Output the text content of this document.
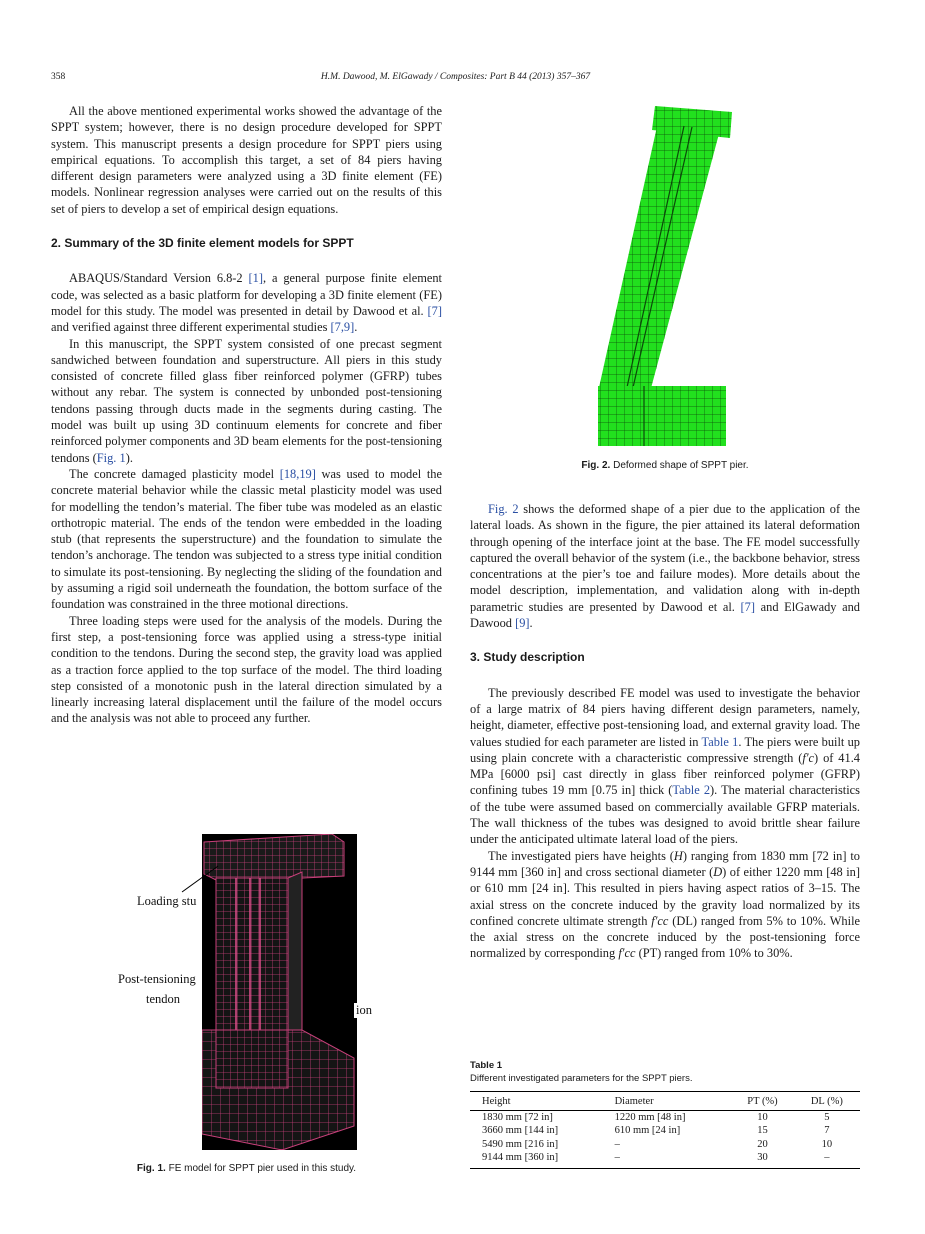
358	H.M. Dawood, M. ElGawady / Composites: Part B 44 (2013) 357–367

All the above mentioned experimental works showed the advantage of the SPPT system; however, there is no design procedure developed for SPPT system. This manuscript presents a design procedure for SPPT piers using empirical equations. To accomplish this target, a set of 84 piers having different design parameters were analyzed using a 3D finite element (FE) models. Nonlinear regression analyses were carried out on the results of this set of piers to develop a set of empirical design equations.

2. Summary of the 3D finite element models for SPPT

ABAQUS/Standard Version 6.8-2 [1], a general purpose finite element code, was selected as a basic platform for developing a 3D finite element (FE) model for this study. The model was presented in detail by Dawood et al. [7] and verified against three different experimental studies [7,9].

In this manuscript, the SPPT system consisted of one precast segment sandwiched between foundation and superstructure. All piers in this study consisted of concrete filled glass fiber reinforced polymer (GFRP) tubes without any rebar. The system is connected by unbonded post-tensioning tendons passing through ducts made in the segments during casting. The model was built up using 3D continuum elements for concrete and fiber reinforced polymer components and 3D beam elements for the post-tensioning tendons (Fig. 1).

The concrete damaged plasticity model [18,19] was used to model the concrete material behavior while the classic metal plasticity model was used for modelling the tendon’s material. The fiber tube was modeled as an elastic orthotropic material. The ends of the tendon were embedded in the loading stub (that represents the superstructure) and the foundation to simulate the tendon’s anchorage. The tendon was subjected to a stress type initial condition to simulate its post-tensioning. By neglecting the sliding of the foundation and by assuming a rigid soil underneath the foundation, the bottom surface of the foundation was constrained in the three motional directions.

Three loading steps were used for the analysis of the models. During the first step, a post-tensioning force was applied using a stress-type initial condition to the tendons. During the second step, the gravity load was applied as a traction force applied to the top surface of the model. The third loading step consisted of a monotonic push in the lateral direction simulated by a linearly increasing lateral displacement until the failure of the model occurs and the analysis was not able to proceed any further.

Loading stu
Post-tensioning
tendon
ion
Fig. 1. FE model for SPPT pier used in this study.
Fig. 2. Deformed shape of SPPT pier.

Fig. 2 shows the deformed shape of a pier due to the application of the lateral loads. As shown in the figure, the pier attained its lateral deformation through opening of the interface joint at the base. The FE model successfully captured the overall behavior of the system (i.e., the backbone behavior, stress concentrations at the pier’s toe and failure modes). More details about the model description, implementation, and validation along with in-depth parametric studies are presented by Dawood et al. [7] and ElGawady and Dawood [9].

3. Study description

The previously described FE model was used to investigate the behavior of a large matrix of 84 piers having different design parameters, namely, height, diameter, effective post-tensioning load, and external gravity load. The values studied for each parameter are listed in Table 1. The piers were built up using plain concrete with a characteristic compressive strength (f′c) of 41.4 MPa [6000 psi] cast directly in glass fiber reinforced polymer (GFRP) confining tubes 19 mm [0.75 in] thick (Table 2). The material characteristics of the tube were assumed based on commercially available GFRP materials. The wall thickness of the tubes was designed to avoid brittle shear failure under the anticipated ultimate lateral load of the piers.

The investigated piers have heights (H) ranging from 1830 mm [72 in] to 9144 mm [360 in] and cross sectional diameter (D) of either 1220 mm [48 in] or 610 mm [24 in]. This resulted in piers having aspect ratios of 3–15. The axial stress on the concrete induced by the gravity load normalized by its confined concrete ultimate strength f′cc (DL) ranged from 5% to 10%. While the axial stress on the concrete induced by the post-tensioning force normalized by corresponding f′cc (PT) ranged from 10% to 30%.

Table 1
Different investigated parameters for the SPPT piers.
Height	Diameter	PT (%)	DL (%)
1830 mm [72 in]	1220 mm [48 in]	10	5
3660 mm [144 in]	610 mm [24 in]	15	7
5490 mm [216 in]	–	20	10
9144 mm [360 in]	–	30	–
